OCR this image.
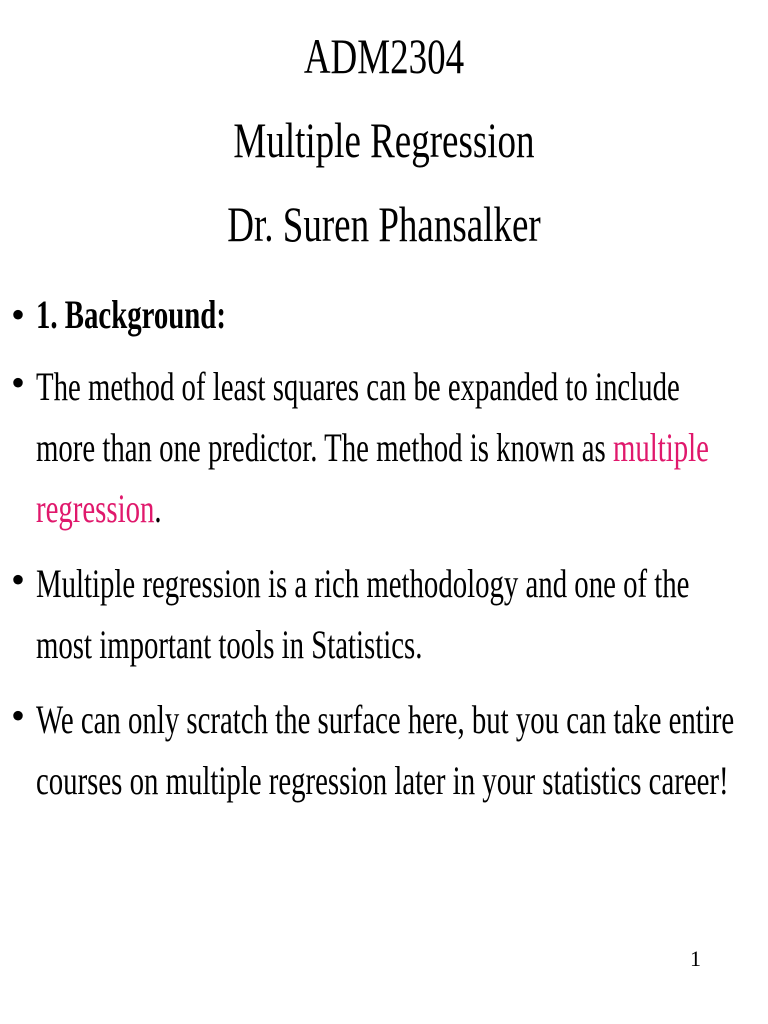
ADM2304
Multiple Regression
Dr. Suren Phansalker
• 1. Background:
• The method of least squares can be expanded to include more than one predictor. The method is known as multiple regression.
• Multiple regression is a rich methodology and one of the most important tools in Statistics.
• We can only scratch the surface here, but you can take entire courses on multiple regression later in your statistics career!
1
